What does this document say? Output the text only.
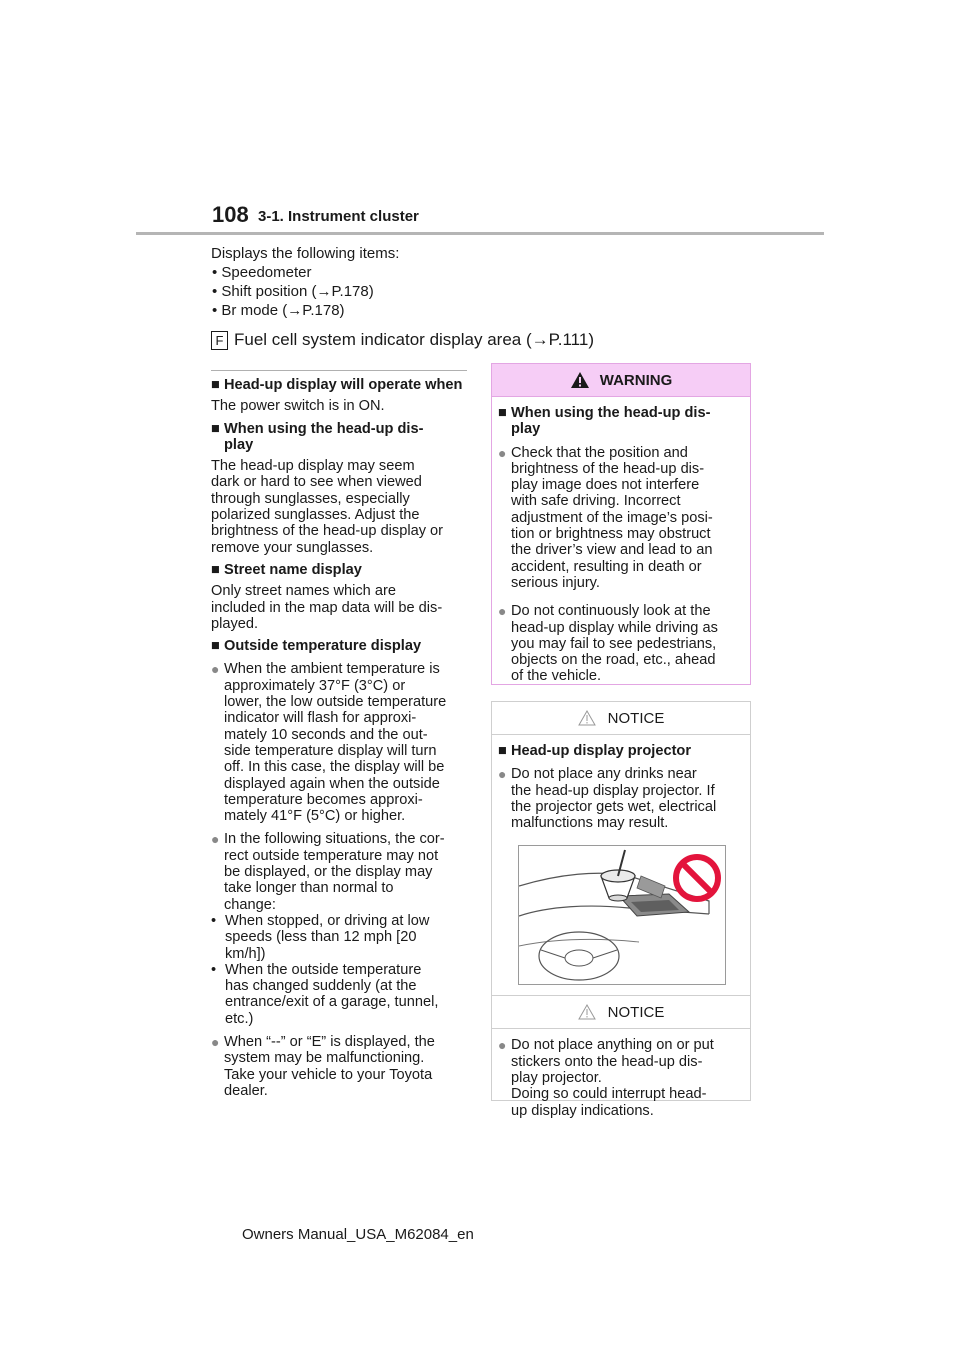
108 3-1. Instrument cluster
Displays the following items:
• Speedometer
• Shift position (→P.178)
• Br mode (→P.178)
F Fuel cell system indicator display area (→P.111)
■ Head-up display will operate when
The power switch is in ON.
■ When using the head-up dis-
play
The head-up display may seem
dark or hard to see when viewed
through sunglasses, especially
polarized sunglasses. Adjust the
brightness of the head-up display or
remove your sunglasses.
■ Street name display
Only street names which are
included in the map data will be dis-
played.
■ Outside temperature display
● When the ambient temperature is
approximately 37°F (3°C) or
lower, the low outside temperature
indicator will flash for approxi-
mately 10 seconds and the out-
side temperature display will turn
off. In this case, the display will be
displayed again when the outside
temperature becomes approxi-
mately 41°F (5°C) or higher.
● In the following situations, the cor-
rect outside temperature may not
be displayed, or the display may
take longer than normal to
change:
• When stopped, or driving at low
speeds (less than 12 mph [20
km/h])
• When the outside temperature
has changed suddenly (at the
entrance/exit of a garage, tunnel,
etc.)
● When “--” or “E” is displayed, the
system may be malfunctioning.
Take your vehicle to your Toyota
dealer.
WARNING
■ When using the head-up dis-
play
● Check that the position and
brightness of the head-up dis-
play image does not interfere
with safe driving. Incorrect
adjustment of the image’s posi-
tion or brightness may obstruct
the driver’s view and lead to an
accident, resulting in death or
serious injury.
● Do not continuously look at the
head-up display while driving as
you may fail to see pedestrians,
objects on the road, etc., ahead
of the vehicle.
NOTICE
■ Head-up display projector
● Do not place any drinks near
the head-up display projector. If
the projector gets wet, electrical
malfunctions may result.
NOTICE
● Do not place anything on or put
stickers onto the head-up dis-
play projector.
Doing so could interrupt head-
up display indications.
Owners Manual_USA_M62084_en
